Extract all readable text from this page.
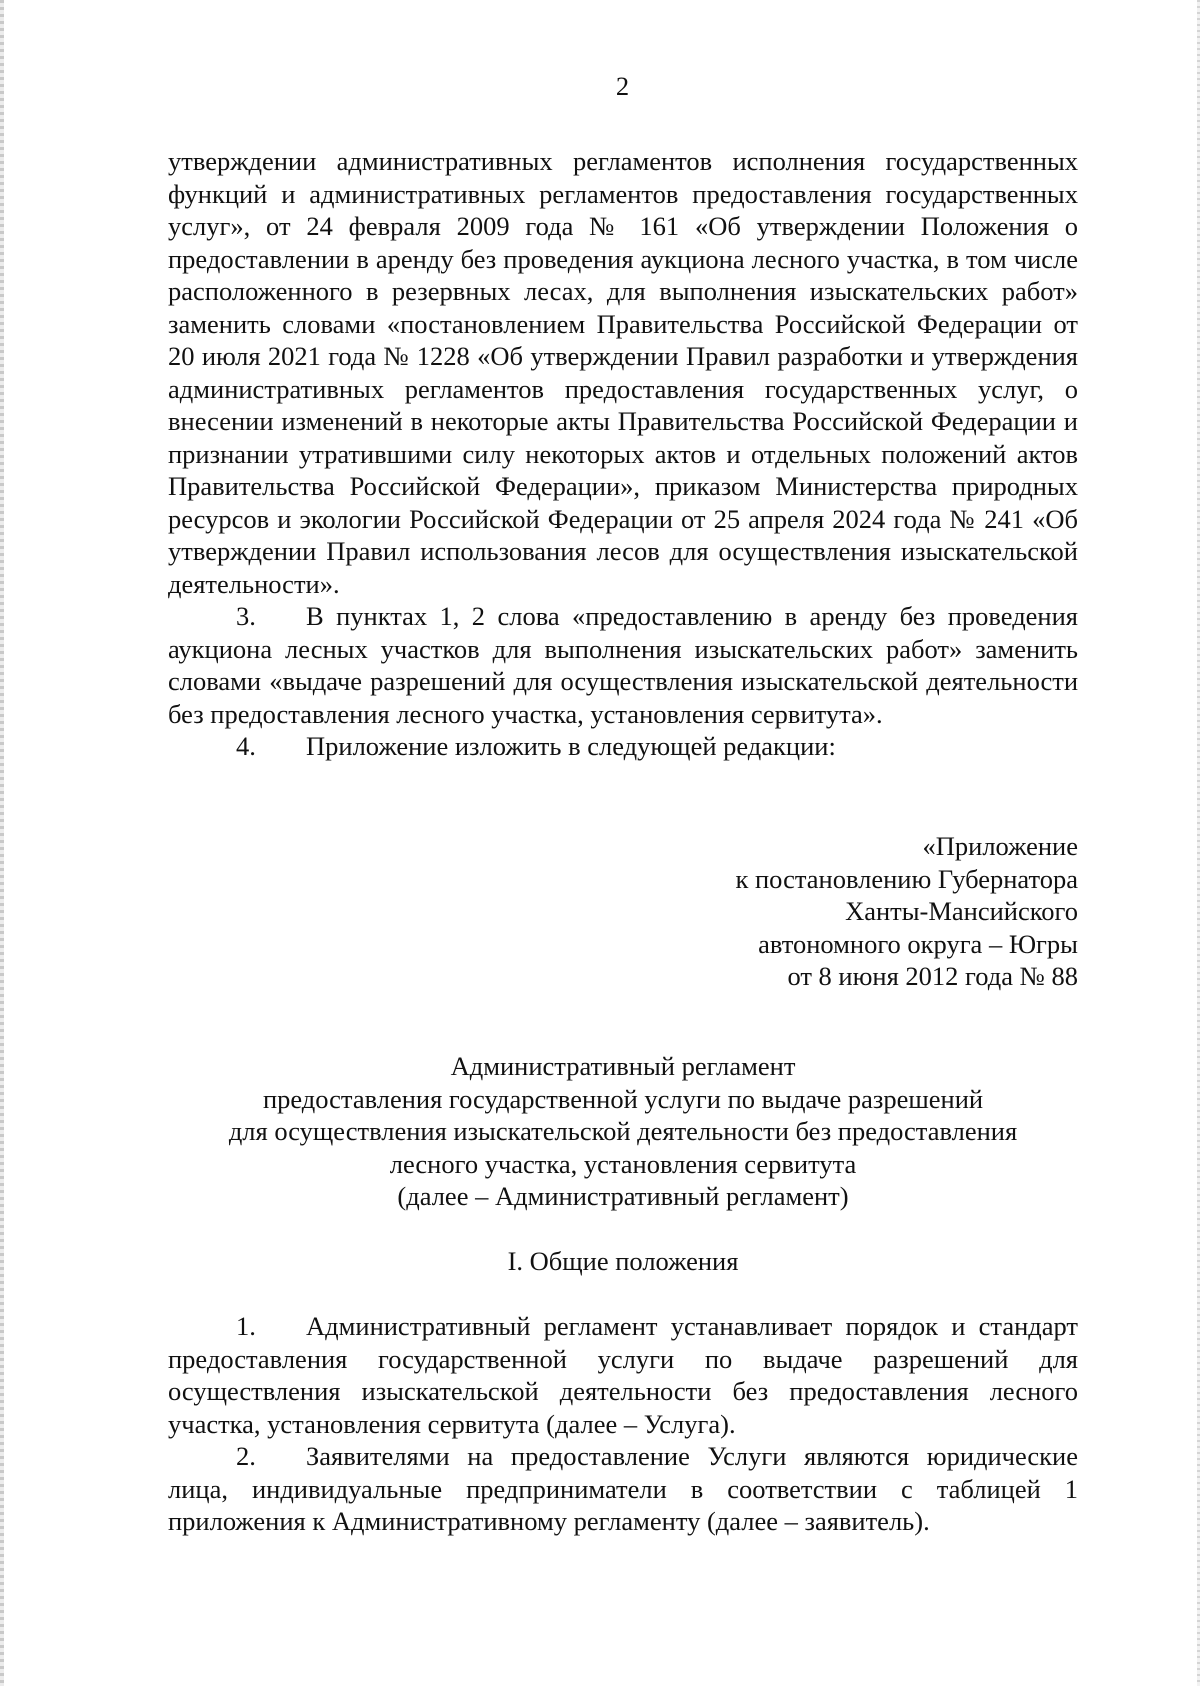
2

утверждении административных регламентов исполнения государственных функций и административных регламентов предоставления государственных услуг», от 24 февраля 2009 года № 161 «Об утверждении Положения о предоставлении в аренду без проведения аукциона лесного участка, в том числе расположенного в резервных лесах, для выполнения изыскательских работ» заменить словами «постановлением Правительства Российской Федерации от 20 июля 2021 года № 1228 «Об утверждении Правил разработки и утверждения административных регламентов предоставления государственных услуг, о внесении изменений в некоторые акты Правительства Российской Федерации и признании утратившими силу некоторых актов и отдельных положений актов Правительства Российской Федерации», приказом Министерства природных ресурсов и экологии Российской Федерации от 25 апреля 2024 года № 241 «Об утверждении Правил использования лесов для осуществления изыскательской деятельности».

3. В пунктах 1, 2 слова «предоставлению в аренду без проведения аукциона лесных участков для выполнения изыскательских работ» заменить словами «выдаче разрешений для осуществления изыскательской деятельности без предоставления лесного участка, установления сервитута».

4. Приложение изложить в следующей редакции:

«Приложение
к постановлению Губернатора
Ханты-Мансийского
автономного округа – Югры
от 8 июня 2012 года № 88
Административный регламент
предоставления государственной услуги по выдаче разрешений
для осуществления изыскательской деятельности без предоставления
лесного участка, установления сервитута
(далее – Административный регламент)
I. Общие положения

1. Административный регламент устанавливает порядок и стандарт предоставления государственной услуги по выдаче разрешений для осуществления изыскательской деятельности без предоставления лесного участка, установления сервитута (далее – Услуга).

2. Заявителями на предоставление Услуги являются юридические лица, индивидуальные предприниматели в соответствии с таблицей 1 приложения к Административному регламенту (далее – заявитель).
